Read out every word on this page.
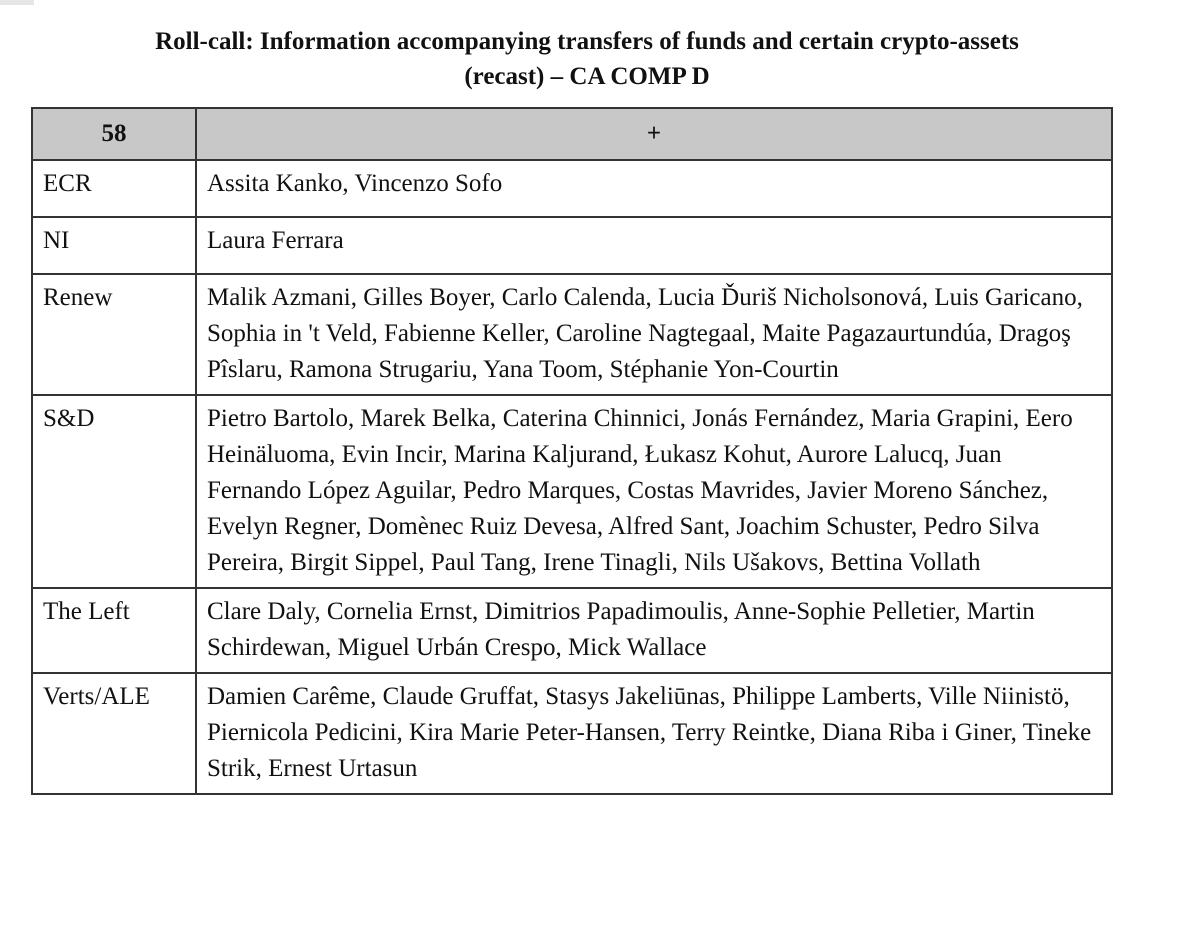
Roll-call: Information accompanying transfers of funds and certain crypto-assets
(recast) – CA COMP D
58	+
ECR	Assita Kanko, Vincenzo Sofo
NI	Laura Ferrara
Renew	Malik Azmani, Gilles Boyer, Carlo Calenda, Lucia Ďuriš Nicholsonová, Luis Garicano, Sophia in 't Veld, Fabienne Keller, Caroline Nagtegaal, Maite Pagazaurtundúa, Dragoş Pîslaru, Ramona Strugariu, Yana Toom, Stéphanie Yon-Courtin
S&D	Pietro Bartolo, Marek Belka, Caterina Chinnici, Jonás Fernández, Maria Grapini, Eero Heinäluoma, Evin Incir, Marina Kaljurand, Łukasz Kohut, Aurore Lalucq, Juan Fernando López Aguilar, Pedro Marques, Costas Mavrides, Javier Moreno Sánchez, Evelyn Regner, Domènec Ruiz Devesa, Alfred Sant, Joachim Schuster, Pedro Silva Pereira, Birgit Sippel, Paul Tang, Irene Tinagli, Nils Ušakovs, Bettina Vollath
The Left	Clare Daly, Cornelia Ernst, Dimitrios Papadimoulis, Anne-Sophie Pelletier, Martin Schirdewan, Miguel Urbán Crespo, Mick Wallace
Verts/ALE	Damien Carême, Claude Gruffat, Stasys Jakeliūnas, Philippe Lamberts, Ville Niinistö, Piernicola Pedicini, Kira Marie Peter-Hansen, Terry Reintke, Diana Riba i Giner, Tineke Strik, Ernest Urtasun
